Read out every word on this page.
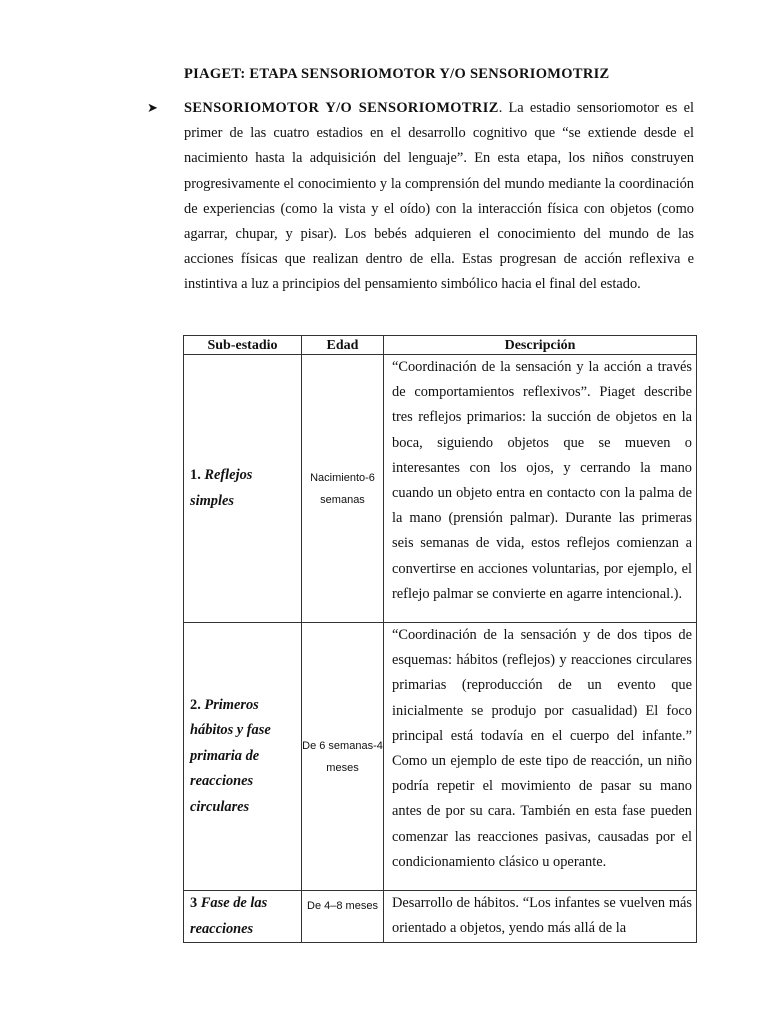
PIAGET: ETAPA SENSORIOMOTOR Y/O SENSORIOMOTRIZ
➤ SENSORIOMOTOR Y/O SENSORIOMOTRIZ. La estadio sensoriomotor es el primer de las cuatro estadios en el desarrollo cognitivo que “se extiende desde el nacimiento hasta la adquisición del lenguaje”. En esta etapa, los niños construyen progresivamente el conocimiento y la comprensión del mundo mediante la coordinación de experiencias (como la vista y el oído) con la interacción física con objetos (como agarrar, chupar, y pisar). Los bebés adquieren el conocimiento del mundo de las acciones físicas que realizan dentro de ella. Estas progresan de acción reflexiva e instintiva a luz a principios del pensamiento simbólico hacia el final del estado.
Sub-estadio	Edad	Descripción
1. Reflejos simples	Nacimiento-6 semanas	“Coordinación de la sensación y la acción a través de comportamientos reflexivos”. Piaget describe tres reflejos primarios: la succión de objetos en la boca, siguiendo objetos que se mueven o interesantes con los ojos, y cerrando la mano cuando un objeto entra en contacto con la palma de la mano (prensión palmar). Durante las primeras seis semanas de vida, estos reflejos comienzan a convertirse en acciones voluntarias, por ejemplo, el reflejo palmar se convierte en agarre intencional.).
2. Primeros hábitos y fase primaria de reacciones circulares	De 6 semanas-4 meses	“Coordinación de la sensación y de dos tipos de esquemas: hábitos (reflejos) y reacciones circulares primarias (reproducción de un evento que inicialmente se produjo por casualidad) El foco principal está todavía en el cuerpo del infante.” Como un ejemplo de este tipo de reacción, un niño podría repetir el movimiento de pasar su mano antes de por su cara. También en esta fase pueden comenzar las reacciones pasivas, causadas por el condicionamiento clásico u operante.
3 Fase de las reacciones	De 4–8 meses	Desarrollo de hábitos. “Los infantes se vuelven más orientado a objetos, yendo más allá de la
